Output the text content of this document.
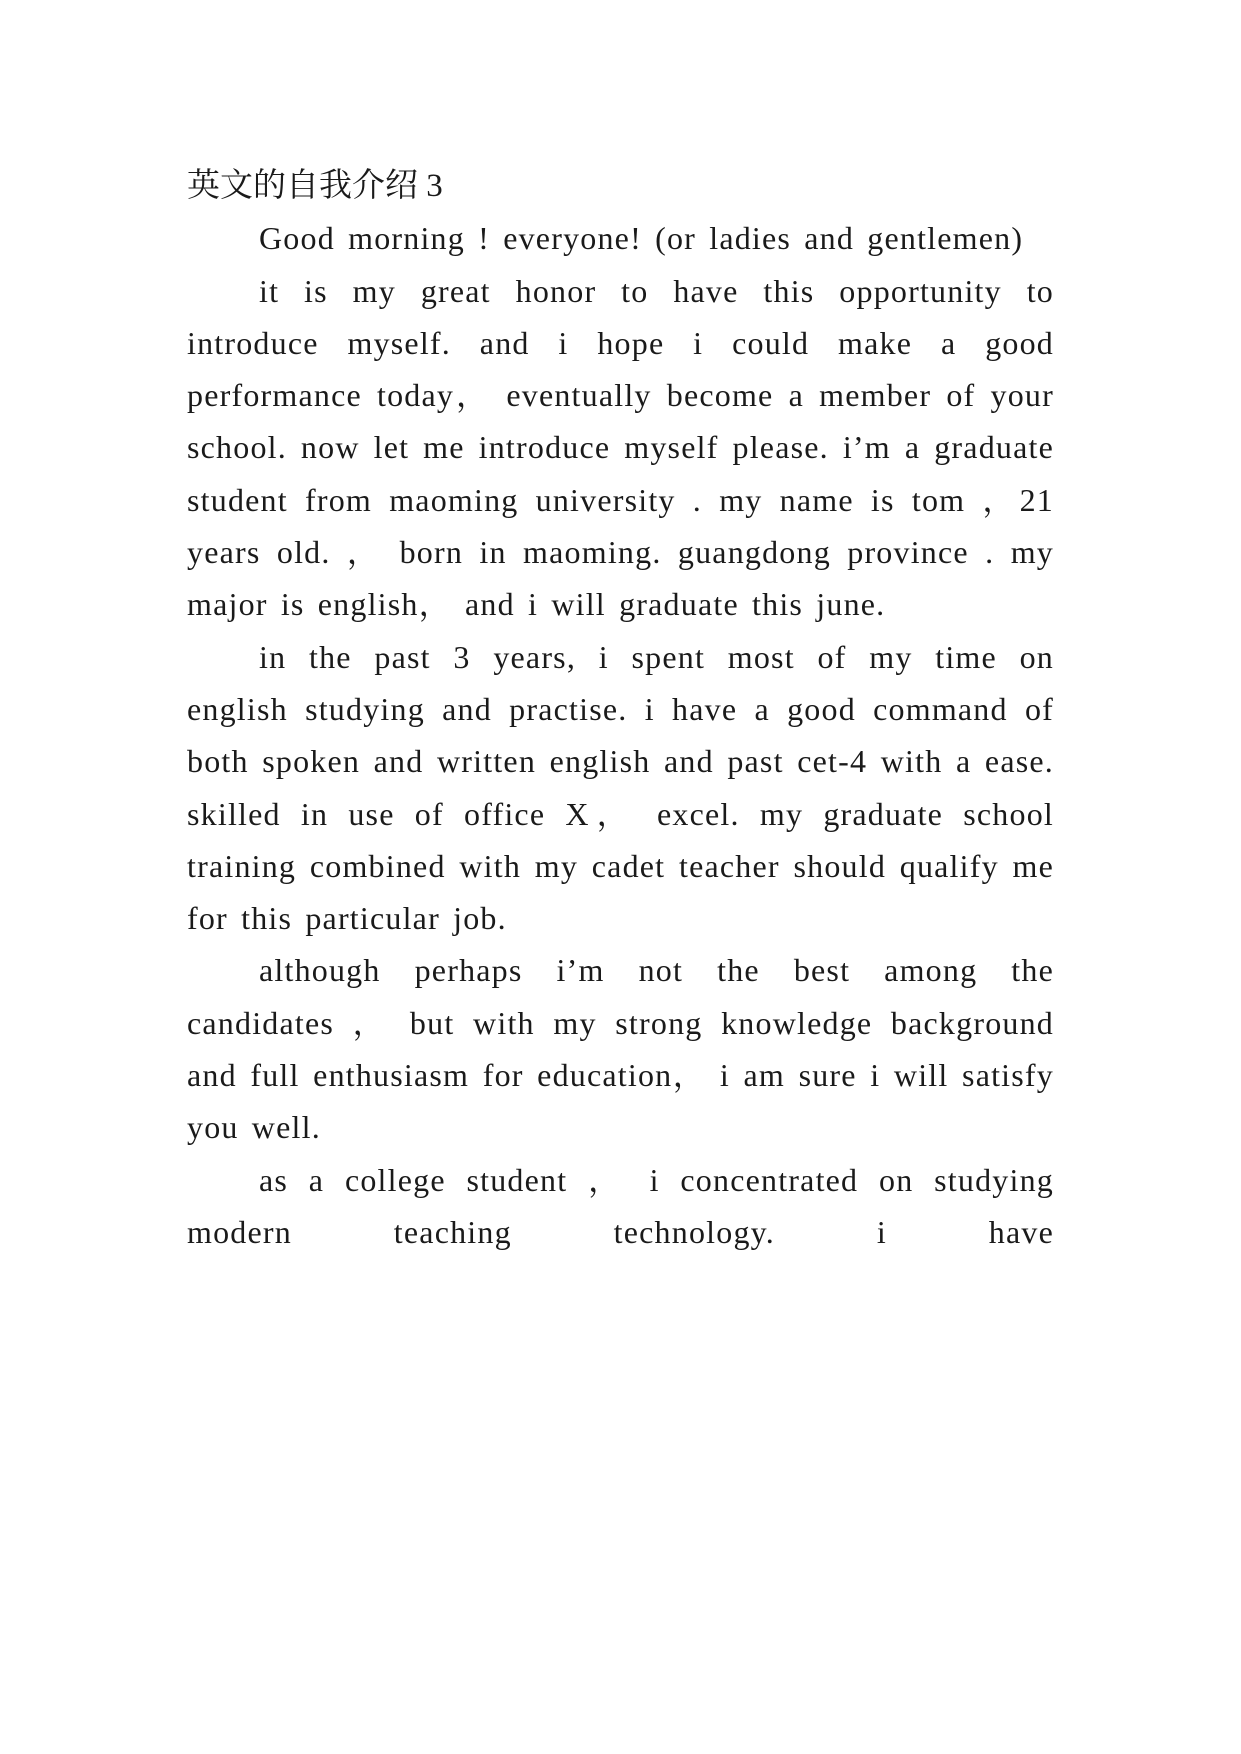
英文的自我介绍 3

Good morning ! everyone! (or ladies and gentlemen)

it is my great honor to have this opportunity to introduce myself. and i hope i could make a good performance today， eventually become a member of your school. now let me introduce myself please. i’m a graduate student from maoming university . my name is tom ，21 years old. ， born in maoming. guangdong province . my major is english， and i will graduate this june.

in the past 3 years, i spent most of my time on english studying and practise. i have a good command of both spoken and written english and past cet-4 with a ease. skilled in use of office X， excel. my graduate school training combined with my cadet teacher should qualify me for this particular job.

although perhaps i’m not the best among the candidates ， but with my strong knowledge background and full enthusiasm for education， i am sure i will satisfy you well.

as a college student ， i concentrated on studying modern teaching technology. i have
